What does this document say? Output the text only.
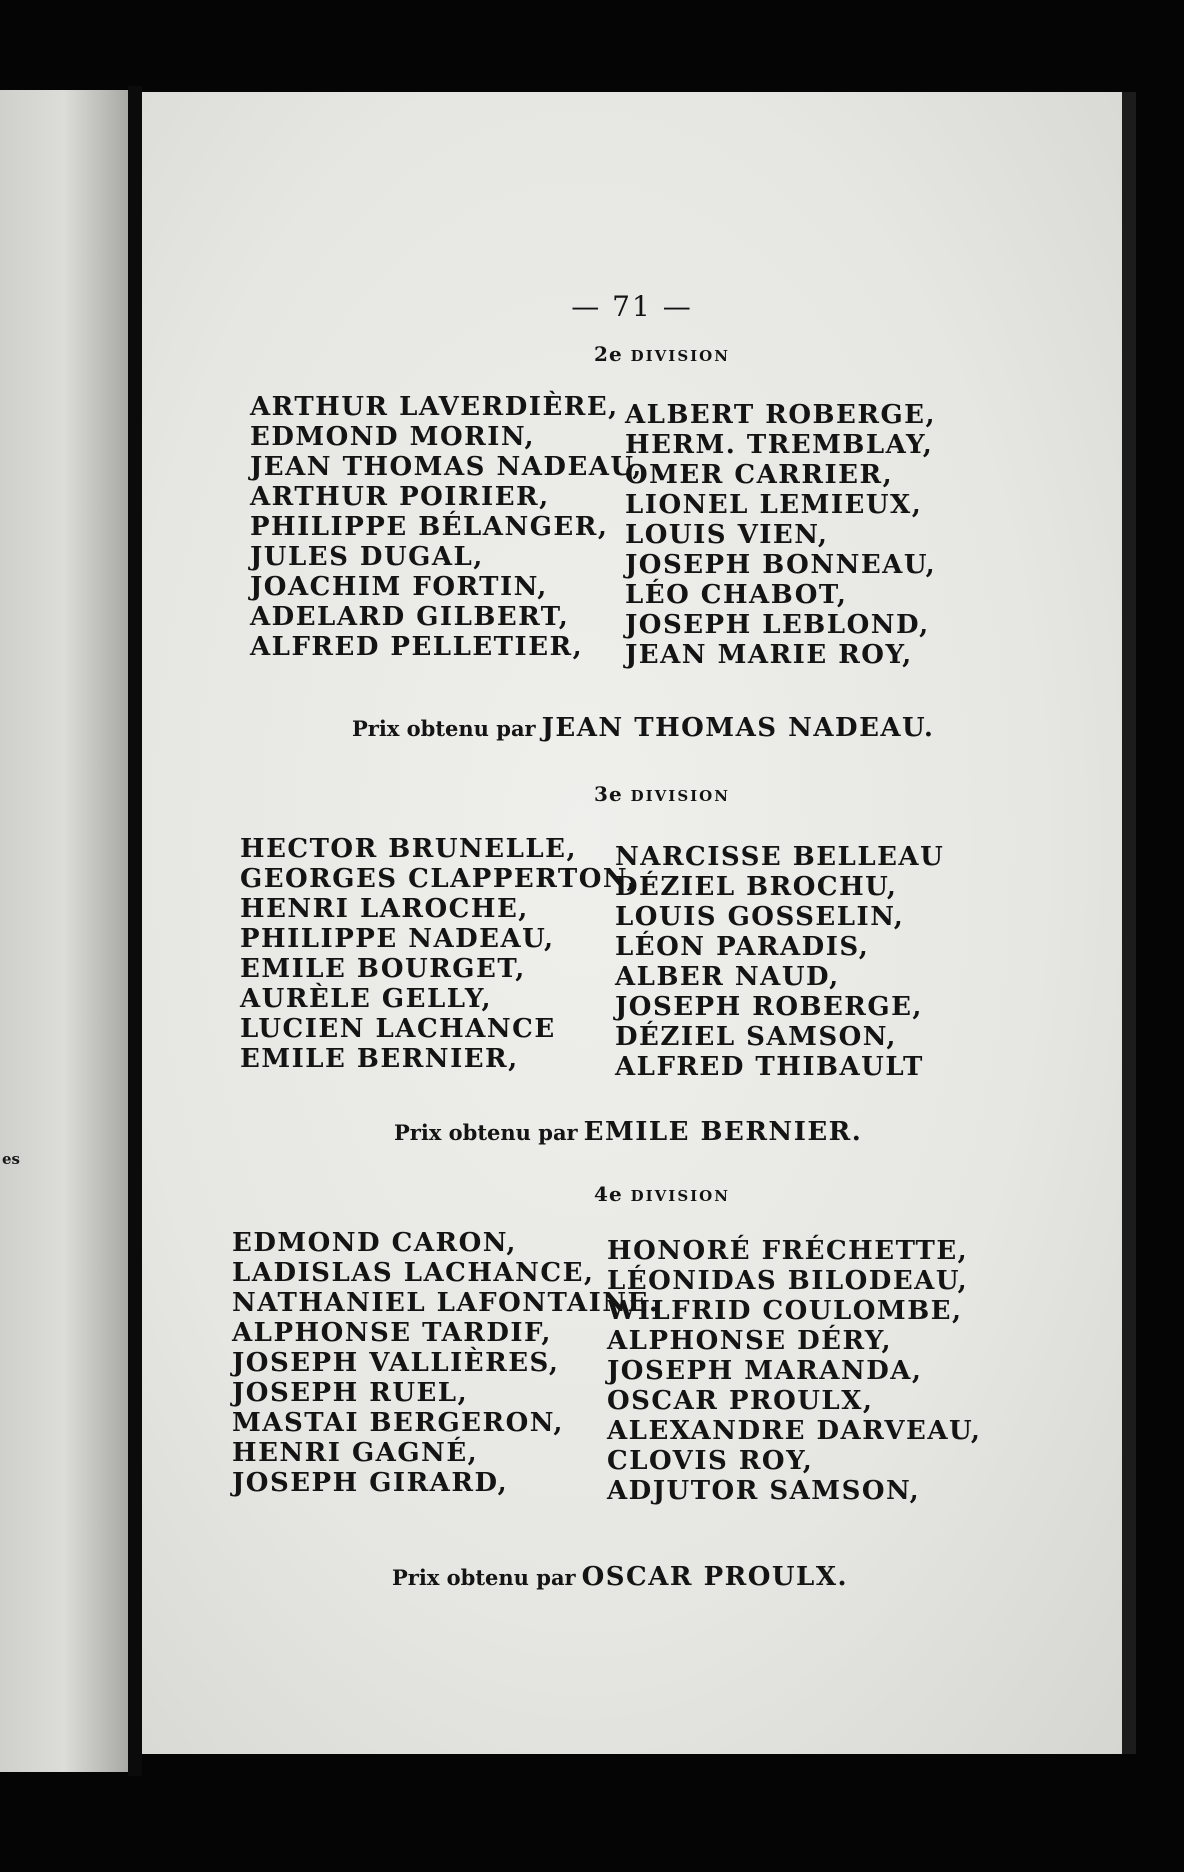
es
— 71 —
2e DIVISION
ARTHUR LAVERDIÈRE,
EDMOND MORIN,
JEAN THOMAS NADEAU,
ARTHUR POIRIER,
PHILIPPE BÉLANGER,
JULES DUGAL,
JOACHIM FORTIN,
ADELARD GILBERT,
ALFRED PELLETIER,
ALBERT ROBERGE,
HERM. TREMBLAY,
OMER CARRIER,
LIONEL LEMIEUX,
LOUIS VIEN,
JOSEPH BONNEAU,
LÉO CHABOT,
JOSEPH LEBLOND,
JEAN MARIE ROY,
Prix obtenu par JEAN THOMAS NADEAU.
3e DIVISION
HECTOR BRUNELLE,
GEORGES CLAPPERTON,
HENRI LAROCHE,
PHILIPPE NADEAU,
EMILE BOURGET,
AURÈLE GELLY,
LUCIEN LACHANCE
EMILE BERNIER,
NARCISSE BELLEAU
DÉZIEL BROCHU,
LOUIS GOSSELIN,
LÉON PARADIS,
ALBER NAUD,
JOSEPH ROBERGE,
DÉZIEL SAMSON,
ALFRED THIBAULT
Prix obtenu par EMILE BERNIER.
4e DIVISION
EDMOND CARON,
LADISLAS LACHANCE,
NATHANIEL LAFONTAINE.
ALPHONSE TARDIF,
JOSEPH VALLIÈRES,
JOSEPH RUEL,
MASTAI BERGERON,
HENRI GAGNÉ,
JOSEPH GIRARD,
HONORÉ FRÉCHETTE,
LÉONIDAS BILODEAU,
WILFRID COULOMBE,
ALPHONSE DÉRY,
JOSEPH MARANDA,
OSCAR PROULX,
ALEXANDRE DARVEAU,
CLOVIS ROY,
ADJUTOR SAMSON,
Prix obtenu par OSCAR PROULX.
